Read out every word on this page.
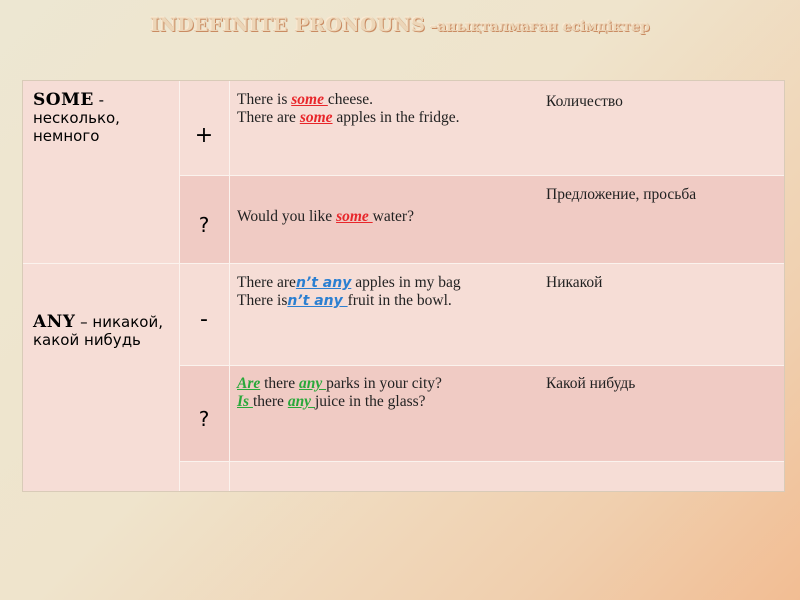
INDEFINITE PRONOUNS –анықталмаған есімдіктер
SOME - несколько, немного	+
There is some cheese.
There are some apples in the fridge.
Количество
?	Would you like some water?
Предложение, просьба
ANY – никакой, какой нибудь
-
There aren’t any apples in my bag
There isn’t any fruit in the bowl.
Никакой
?
Are there any parks in your city?
Is there any juice in the glass?
Какой нибудь
